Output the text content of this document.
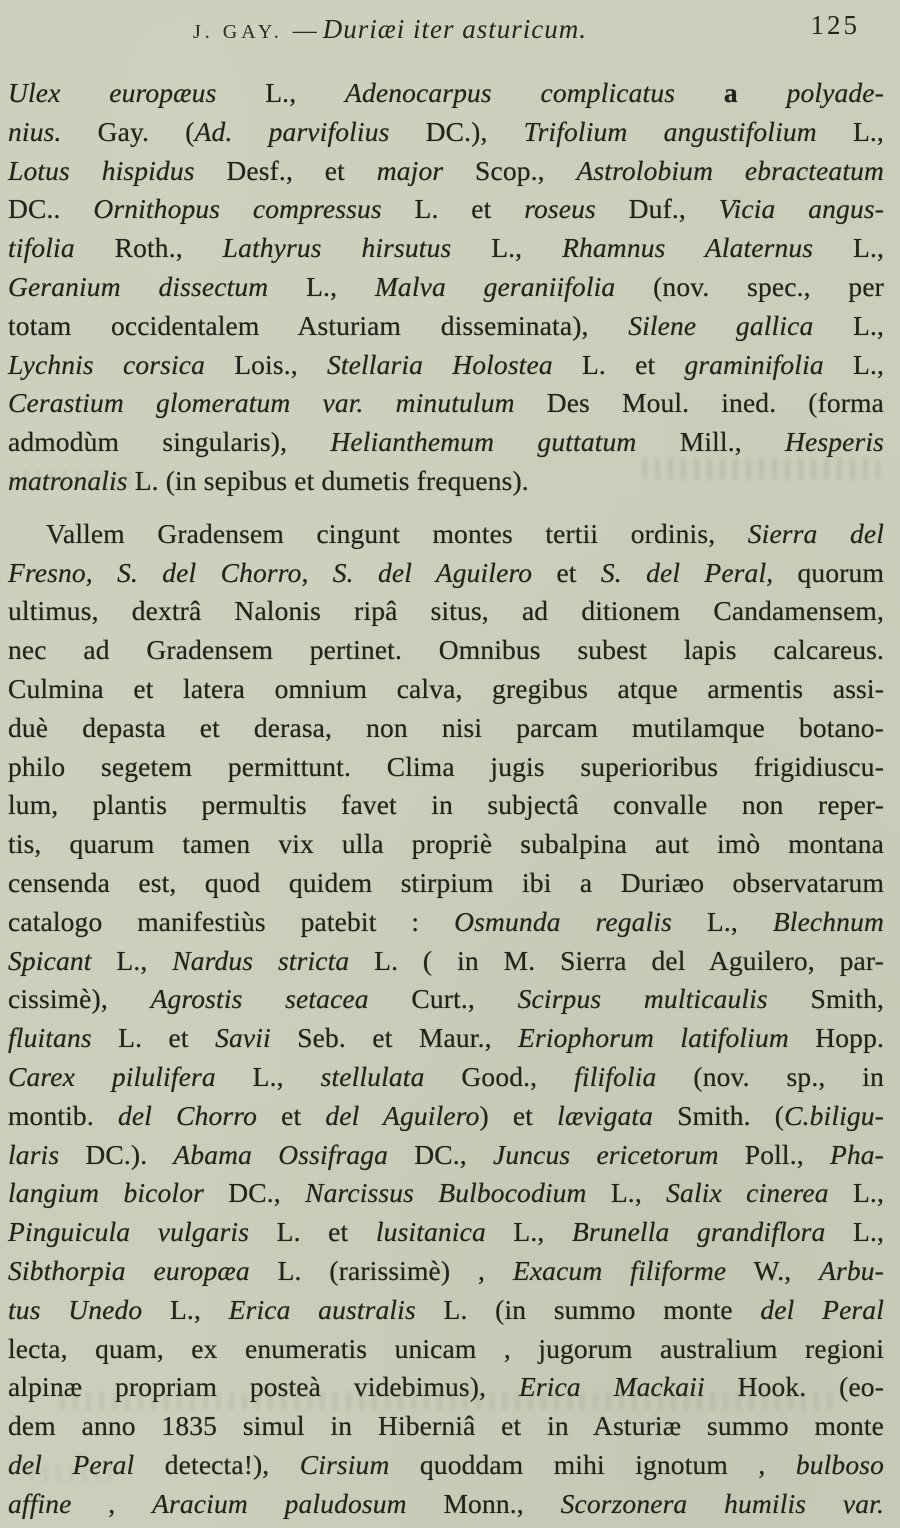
J. GAY. — Duriæi iter asturicum.	125
Ulex europæus L., Adenocarpus complicatus a polyade-
nius. Gay. (Ad. parvifolius DC.), Trifolium angustifolium L.,
Lotus hispidus Desf., et major Scop., Astrolobium ebracteatum
DC.. Ornithopus compressus L. et roseus Duf., Vicia angus-
tifolia Roth., Lathyrus hirsutus L., Rhamnus Alaternus L.,
Geranium dissectum L., Malva geraniifolia (nov. spec., per
totam occidentalem Asturiam disseminata), Silene gallica L.,
Lychnis corsica Lois., Stellaria Holostea L. et graminifolia L.,
Cerastium glomeratum var. minutulum Des Moul. ined. (forma
admodùm singularis), Helianthemum guttatum Mill., Hesperis
matronalis L. (in sepibus et dumetis frequens).
Vallem Gradensem cingunt montes tertii ordinis, Sierra del
Fresno, S. del Chorro, S. del Aguilero et S. del Peral, quorum
ultimus, dextrâ Nalonis ripâ situs, ad ditionem Candamensem,
nec ad Gradensem pertinet. Omnibus subest lapis calcareus.
Culmina et latera omnium calva, gregibus atque armentis assi-
duè depasta et derasa, non nisi parcam mutilamque botano-
philo segetem permittunt. Clima jugis superioribus frigidiuscu-
lum, plantis permultis favet in subjectâ convalle non reper-
tis, quarum tamen vix ulla propriè subalpina aut imò montana
censenda est, quod quidem stirpium ibi a Duriæo observatarum
catalogo manifestiùs patebit : Osmunda regalis L., Blechnum
Spicant L., Nardus stricta L. ( in M. Sierra del Aguilero, par-
cissimè), Agrostis setacea Curt., Scirpus multicaulis Smith,
fluitans L. et Savii Seb. et Maur., Eriophorum latifolium Hopp.
Carex pilulifera L., stellulata Good., filifolia (nov. sp., in
montib. del Chorro et del Aguilero) et lævigata Smith. (C.biligu-
laris DC.). Abama Ossifraga DC., Juncus ericetorum Poll., Pha-
langium bicolor DC., Narcissus Bulbocodium L., Salix cinerea L.,
Pinguicula vulgaris L. et lusitanica L., Brunella grandiflora L.,
Sibthorpia europæa L. (rarissimè) , Exacum filiforme W., Arbu-
tus Unedo L., Erica australis L. (in summo monte del Peral
lecta, quam, ex enumeratis unicam , jugorum australium regioni
alpinæ propriam posteà videbimus), Erica Mackaii Hook. (eo-
dem anno 1835 simul in Hiberniâ et in Asturiæ summo monte
del Peral detecta!), Cirsium quoddam mihi ignotum , bulboso
affine , Aracium paludosum Monn., Scorzonera humilis var.
